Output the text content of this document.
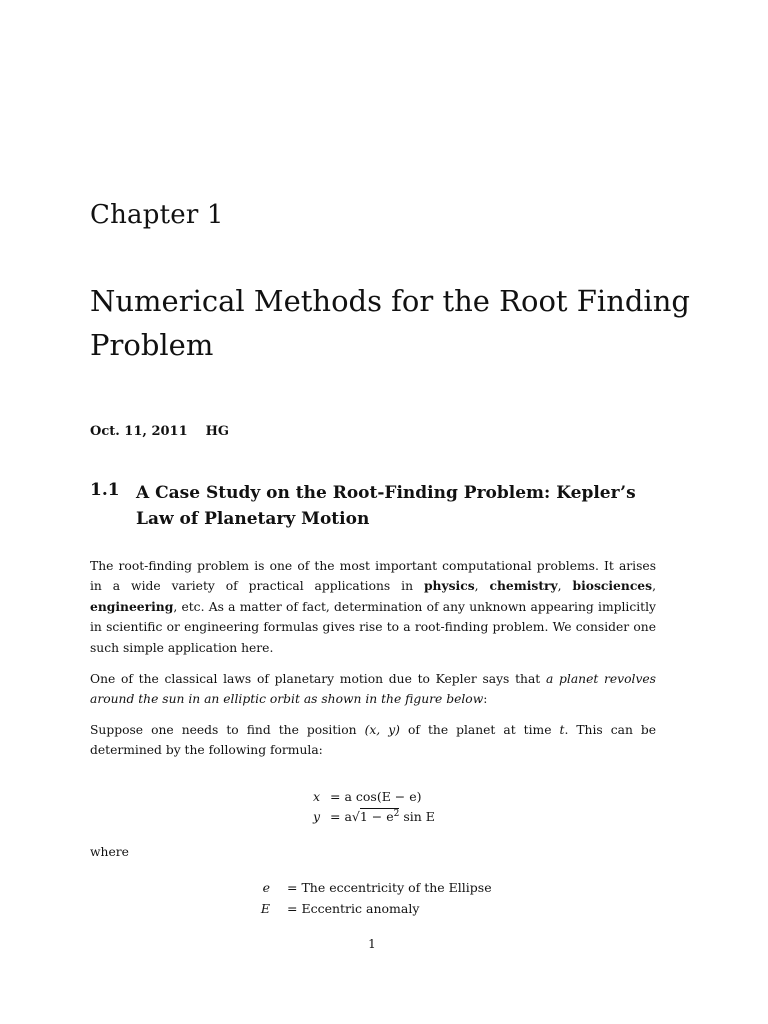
Chapter 1
Numerical Methods for the Root Finding Problem
Oct. 11, 2011 HG
1.1 A Case Study on the Root-Finding Problem: Kepler’s Law of Planetary Motion
The root-finding problem is one of the most important computational problems. It arises in a wide variety of practical applications in physics, chemistry, biosciences, engineering, etc. As a matter of fact, determination of any unknown appearing implicitly in scientific or engineering formulas gives rise to a root-finding problem. We consider one such simple application here.
One of the classical laws of planetary motion due to Kepler says that a planet revolves around the sun in an elliptic orbit as shown in the figure below:
Suppose one needs to find the position (x, y) of the planet at time t. This can be determined by the following formula:
x = a cos(E − e)
$y = a√1 - e^2$ sin E
where
e = The eccentricity of the Ellipse
E = Eccentric anomaly
1
